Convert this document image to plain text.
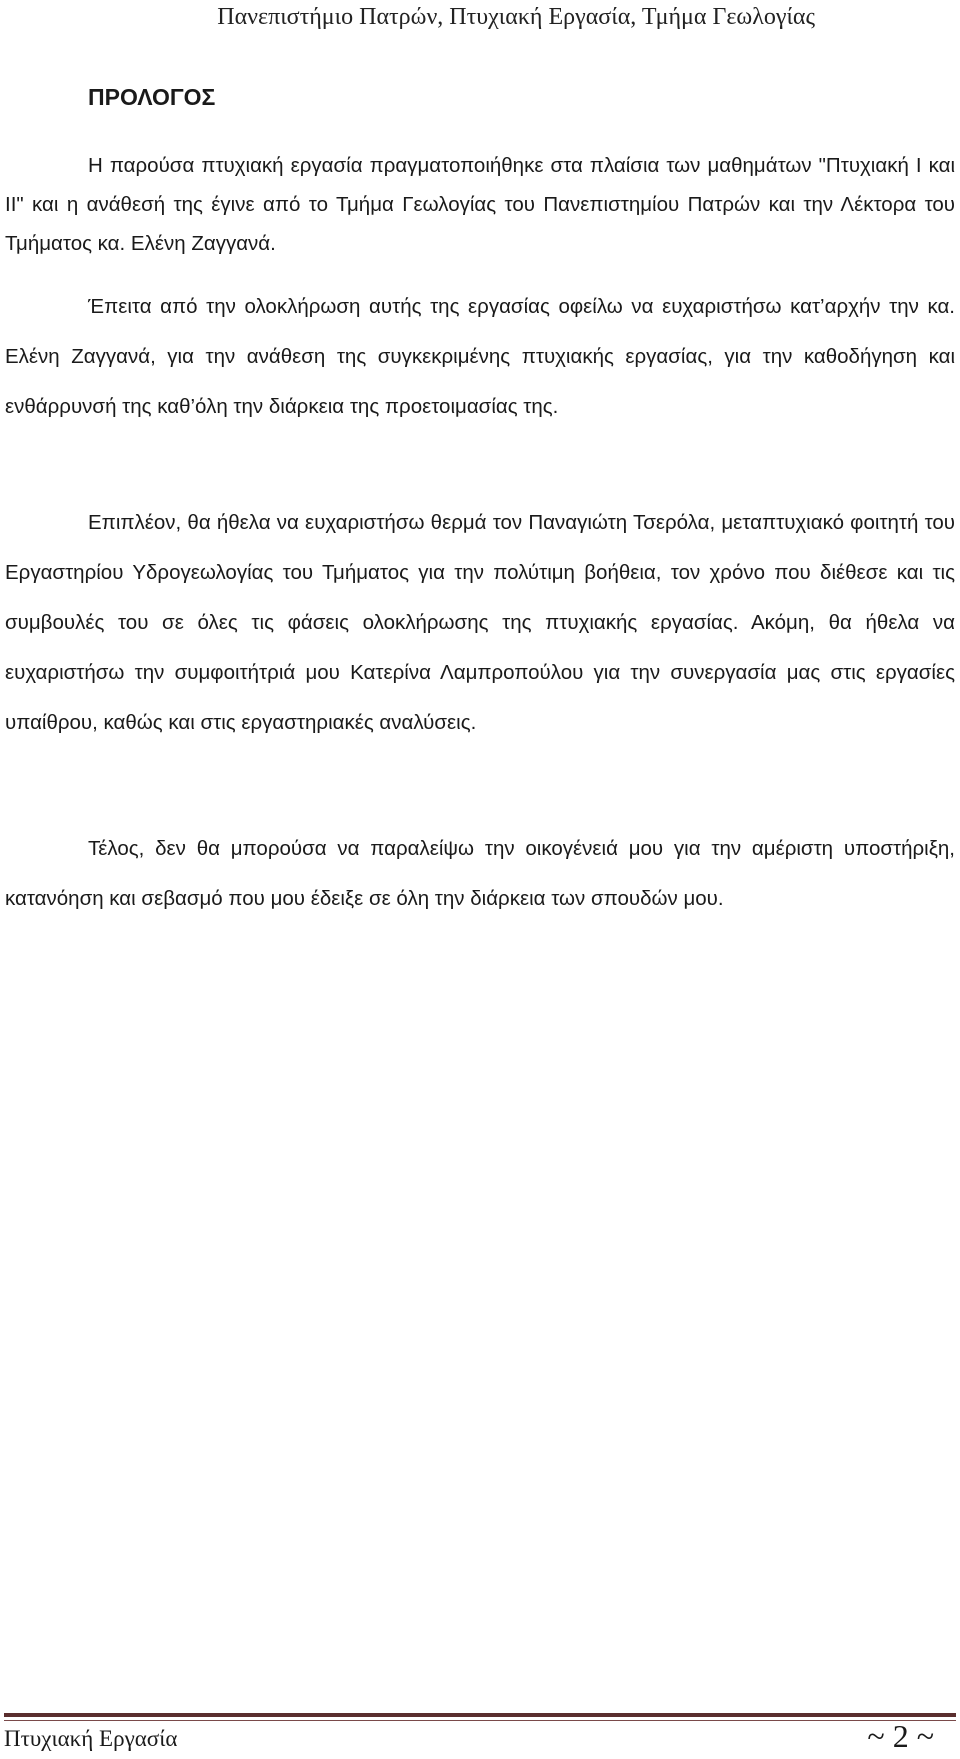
Πανεπιστήμιο Πατρών, Πτυχιακή Εργασία, Τμήμα Γεωλογίας
ΠΡΟΛΟΓΟΣ

Η παρούσα πτυχιακή εργασία πραγματοποιήθηκε στα πλαίσια των μαθημάτων "Πτυχιακή Ι και ΙΙ" και η ανάθεσή της έγινε από το Τμήμα Γεωλογίας του Πανεπιστημίου Πατρών και την Λέκτορα του Τμήματος κα. Ελένη Ζαγγανά.

Έπειτα από την ολοκλήρωση αυτής της εργασίας οφείλω να ευχαριστήσω κατ’αρχήν την κα. Ελένη Ζαγγανά, για την ανάθεση της συγκεκριμένης πτυχιακής εργασίας, για την καθοδήγηση και ενθάρρυνσή της καθ’όλη την διάρκεια της προετοιμασίας της.

Επιπλέον, θα ήθελα να ευχαριστήσω θερμά τον Παναγιώτη Τσερόλα, μεταπτυχιακό φοιτητή του Εργαστηρίου Υδρογεωλογίας του Τμήματος για την πολύτιμη βοήθεια, τον χρόνο που διέθεσε και τις συμβουλές του σε όλες τις φάσεις ολοκλήρωσης της πτυχιακής εργασίας. Ακόμη, θα ήθελα να ευχαριστήσω την συμφοιτήτριά μου Κατερίνα Λαμπροπούλου για την συνεργασία μας στις εργασίες υπαίθρου, καθώς και στις εργαστηριακές αναλύσεις.

Τέλος, δεν θα μπορούσα να παραλείψω την οικογένειά μου για την αμέριστη υποστήριξη, κατανόηση και σεβασμό που μου έδειξε σε όλη την διάρκεια των σπουδών μου.

Πτυχιακή Εργασία	~ 2 ~
